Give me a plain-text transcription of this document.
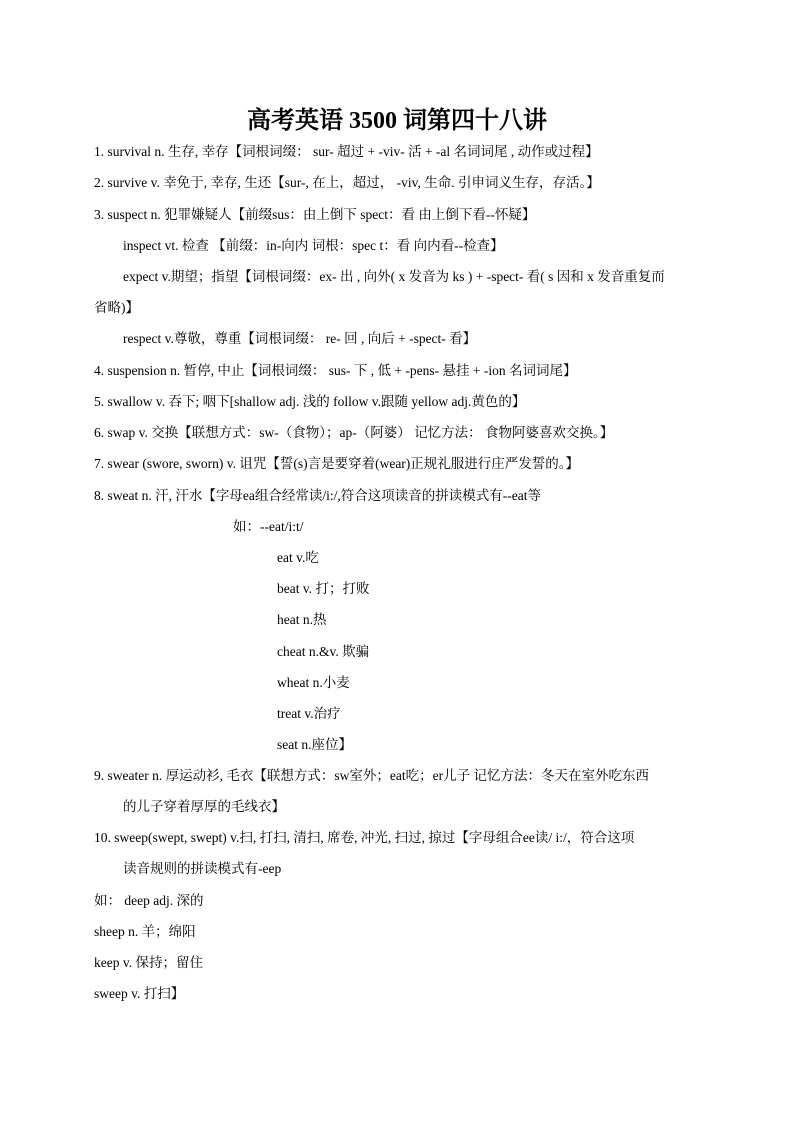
高考英语 3500 词第四十八讲
1. survival n. 生存, 幸存【词根词缀： sur- 超过 + -viv- 活 + -al 名词词尾 , 动作或过程】
2. survive v. 幸免于, 幸存, 生还【sur-, 在上，超过， -viv, 生命. 引申词义生存，存活。】
3. suspect n. 犯罪嫌疑人【前缀sus：由上倒下 spect：看 由上倒下看--怀疑】
inspect vt. 检查 【前缀：in-向内 词根：spec t：看 向内看--检查】
expect v.期望；指望【词根词缀：ex- 出 , 向外( x 发音为 ks ) + -spect- 看( s 因和 x 发音重复而
省略)】
respect v.尊敬，尊重【词根词缀： re- 回 , 向后 + -spect- 看】
4. suspension n. 暂停, 中止【词根词缀： sus- 下 , 低 + -pens- 悬挂 + -ion 名词词尾】
5. swallow v. 吞下; 咽下[shallow adj. 浅的 follow v.跟随 yellow adj.黄色的】
6. swap v. 交换【联想方式：sw-（食物）；ap-（阿婆） 记忆方法： 食物阿婆喜欢交换。】
7. swear (swore, sworn) v. 诅咒【誓(s)言是要穿着(wear)正规礼服进行庄严发誓的。】
8. sweat n. 汗, 汗水【字母ea组合经常读/i:/,符合这项读音的拼读模式有--eat等
如：--eat/i:t/
eat v.吃
beat v. 打；打败
heat n.热
cheat n.&v. 欺骗
wheat n.小麦
treat v.治疗
seat n.座位】
9. sweater n. 厚运动衫, 毛衣【联想方式：sw室外；eat吃；er儿子 记忆方法：冬天在室外吃东西
的儿子穿着厚厚的毛线衣】
10. sweep(swept, swept) v.扫, 打扫, 清扫, 席卷, 冲光, 扫过, 掠过【字母组合ee读/ i:/，符合这项
读音规则的拼读模式有-eep
如： deep adj. 深的
sheep n. 羊；绵阳
keep v. 保持；留住
sweep v. 打扫】
